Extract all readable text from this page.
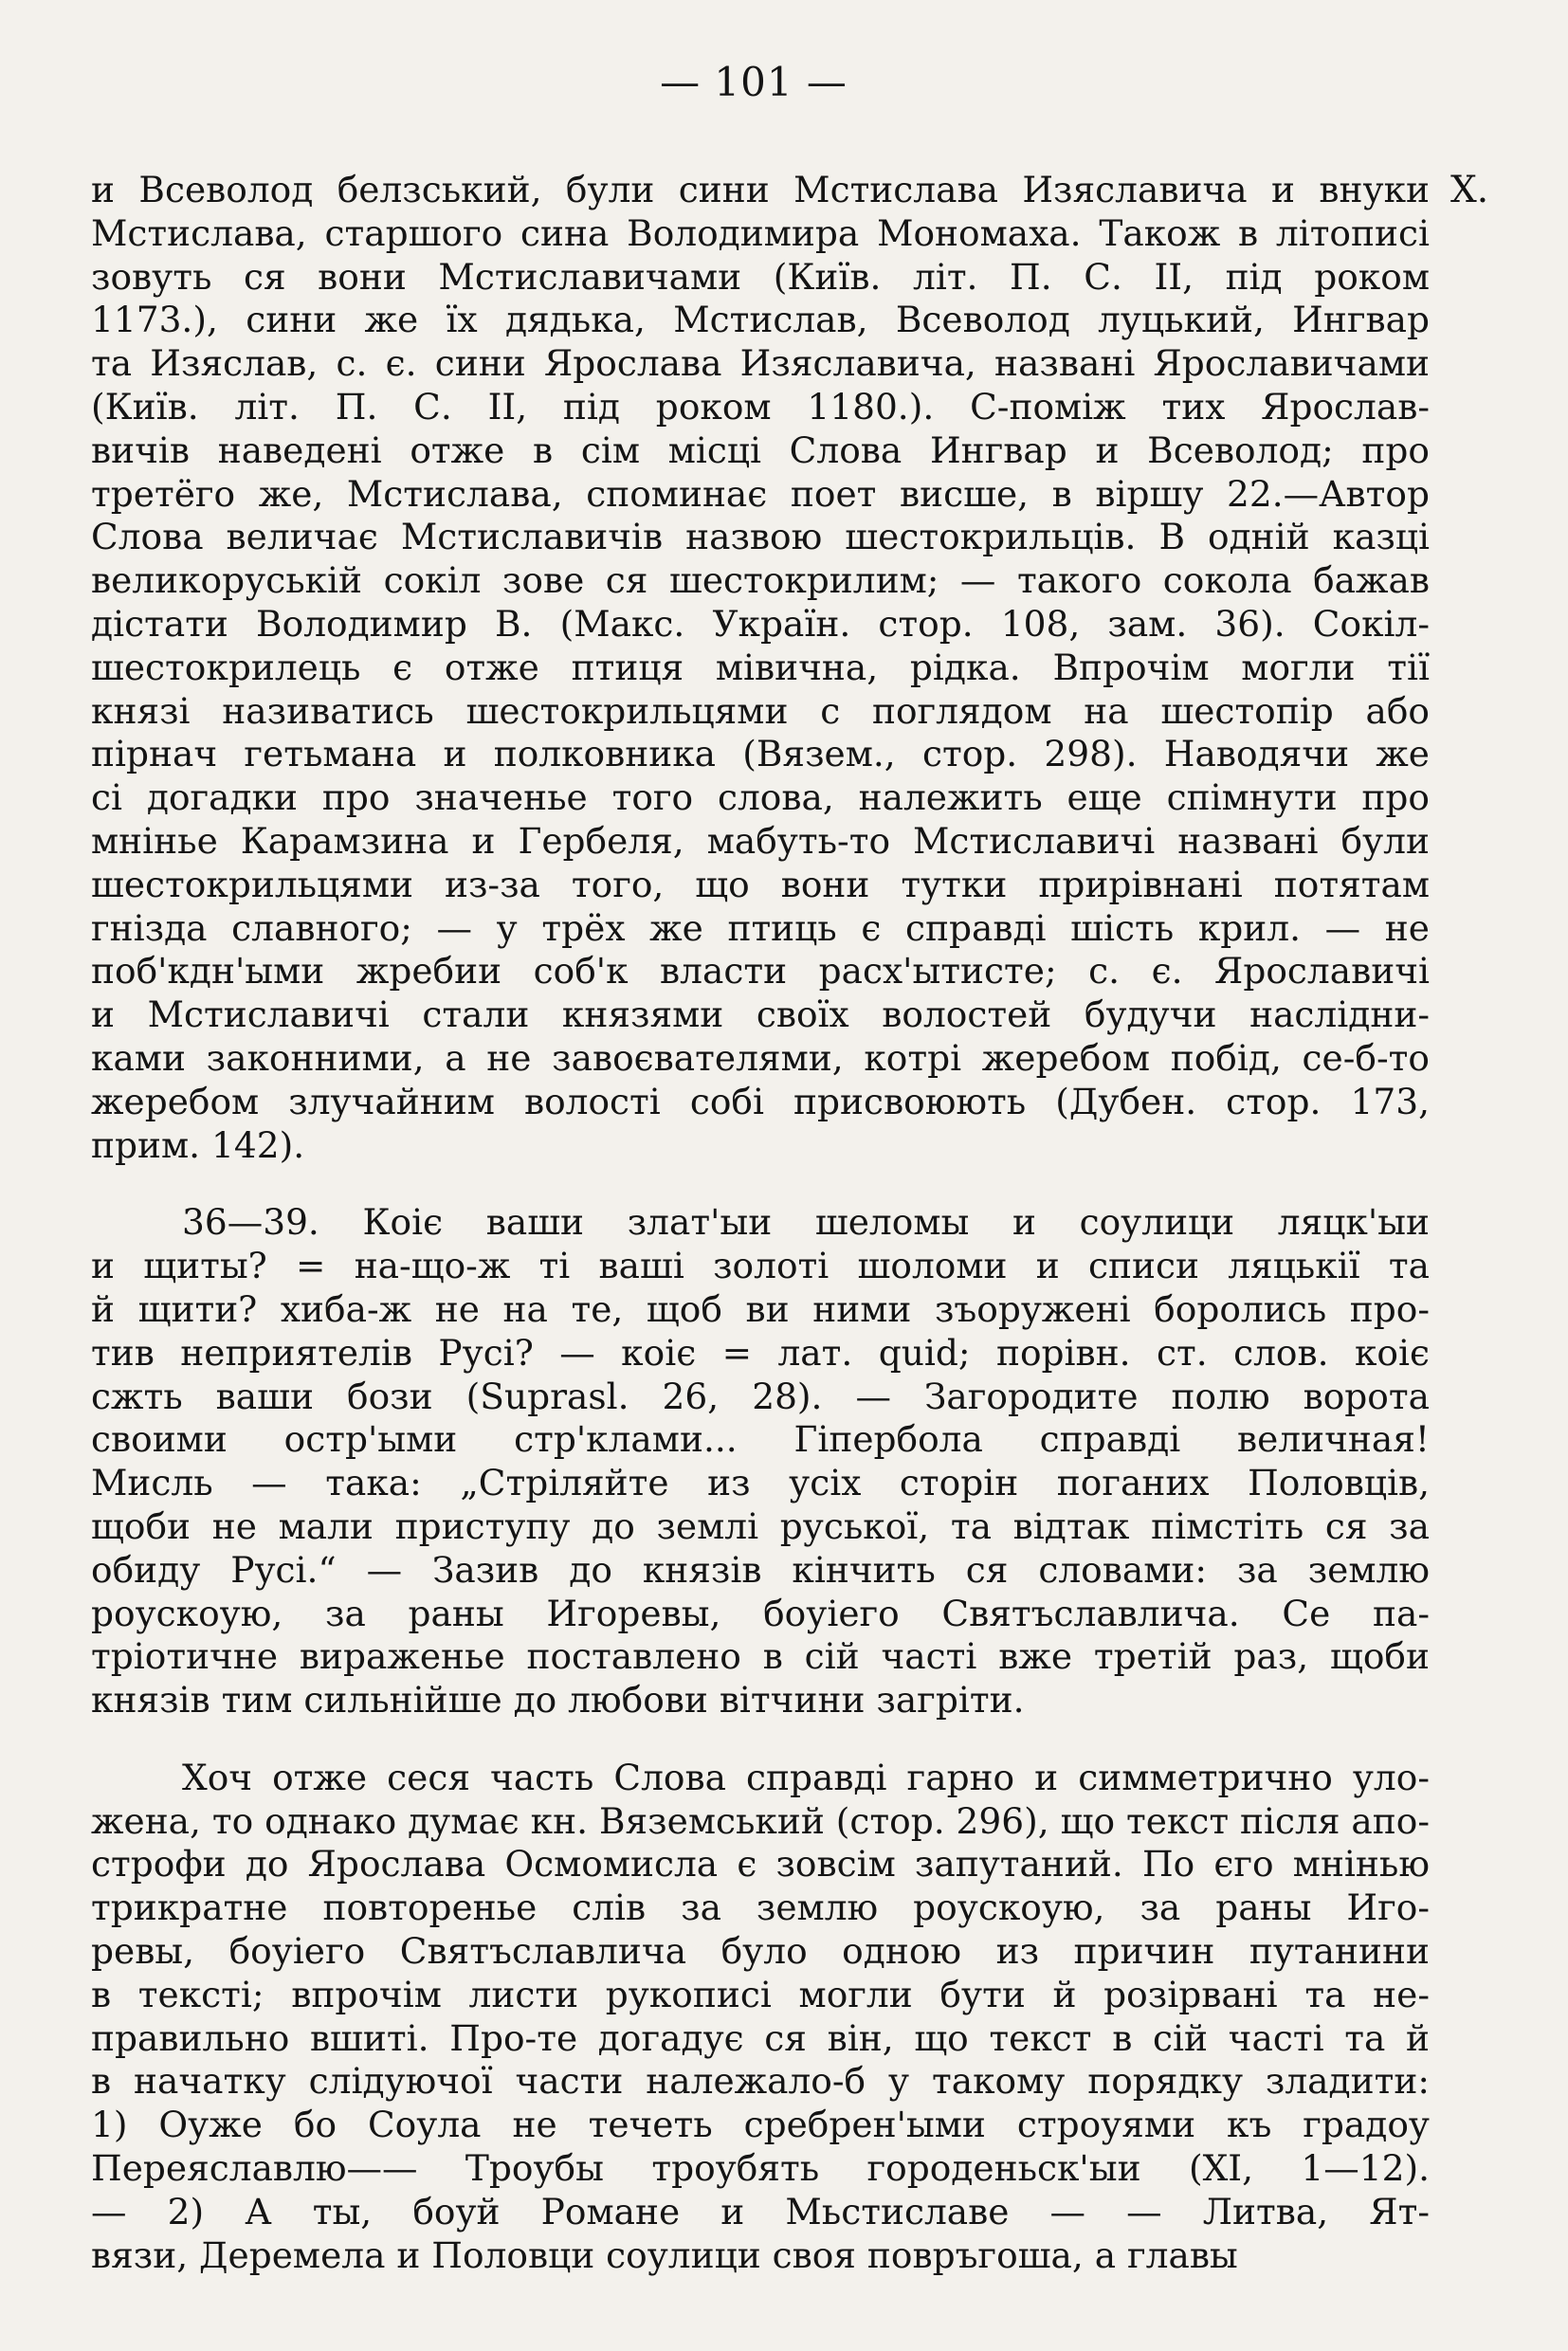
— 101 —
X.

и Всеволод белзський, були сини Мстислава Изяславича и внуки
Мстислава, старшого сина Володимира Мономаха. Також в літописі
зовуть ся вони Мстиславичами (Київ. літ. П. С. II, під роком
1173.), сини же їх дядька, Мстислав, Всеволод луцький, Ингвар
та Изяслав, с. є. сини Ярослава Изяславича, названі Ярославичами
(Київ. літ. П. С. II, під роком 1180.). С-поміж тих Ярослав-
вичів наведені отже в сім місці Слова Ингвар и Всеволод; про
третёго же, Мстислава, споминає поет висше, в віршу 22.—Автор
Слова величає Мстиславичів назвою шестокрильців. В одній казці
великоруській сокіл зове ся шестокрилим; — такого сокола бажав
дістати Володимир В. (Макс. Україн. стор. 108, зам. 36). Сокіл-
шестокрилець є отже птиця мівична, рідка. Впрочім могли тії
князі називатись шестокрильцями с поглядом на шестопір або
пірнач гетьмана и полковника (Вязем., стор. 298). Наводячи же
сі догадки про значенье того слова, належить еще спімнути про
мнінье Карамзина и Гербеля, мабуть-то Мстиславичі названі були
шестокрильцями из-за того, що вони тутки прирівнані потятам
гнізда славного; — у трёх же птиць є справді шість крил. — не
поб'кдн'ыми жребии соб'к власти расх'ытисте; с. є. Ярославичі
и Мстиславичі стали князями своїх волостей будучи наслідни-
ками законними, а не завоєвателями, котрі жеребом побід, се-б-то
жеребом злучайним волості собі присвоюють (Дубен. стор. 173,
прим. 142).

36—39. Коіє ваши злат'ыи шеломы и соулици ляцк'ыи
и щиты? = на-що-ж ті ваші золоті шоломи и списи ляцькії та
й щити? хиба-ж не на те, щоб ви ними зъоружені боролись про-
тив неприятелів Русі? — коіє = лат. quid; порівн. ст. слов. коіє
сжть ваши бози (Suprasl. 26, 28). — Загородите полю ворота
своими остр'ыми стр'клами... Гіпербола справді величная!
Мисль — така: „Стріляйте из усіх сторін поганих Половців,
щоби не мали приступу до землі руської, та відтак пімстіть ся за
обиду Русі.“ — Зазив до князів кінчить ся словами: за землю
роускоую, за раны Игоревы, боуіего Святъславлича. Се па-
тріотичне вираженье поставлено в сій часті вже третій раз, щоби
князів тим сильнійше до любови вітчини загріти.

Хоч отже сеся часть Слова справді гарно и симметрично уло-
жена, то однако думає кн. Вяземський (стор. 296), що текст після апо-
строфи до Ярослава Осмомисла є зовсім запутаний. По єго мнінью
трикратне повторенье слів за землю роускоую, за раны Иго-
ревы, боуіего Святъславлича було одною из причин путанини
в тексті; впрочім листи рукописі могли бути й розірвані та не-
правильно вшиті. Про-те догадує ся він, що текст в сій часті та й
в начатку слідуючої части належало-б у такому порядку зладити:
1) Оуже бо Соула не течеть сребрен'ыми строуями къ градоу
Переяславлю—— Троубы троубять городеньск'ыи (XI, 1—12).
— 2) А ты, боуй Романе и Мьстиславе — — Литва, Ят-
вязи, Деремела и Половци соулици своя повръгоша, а главы
